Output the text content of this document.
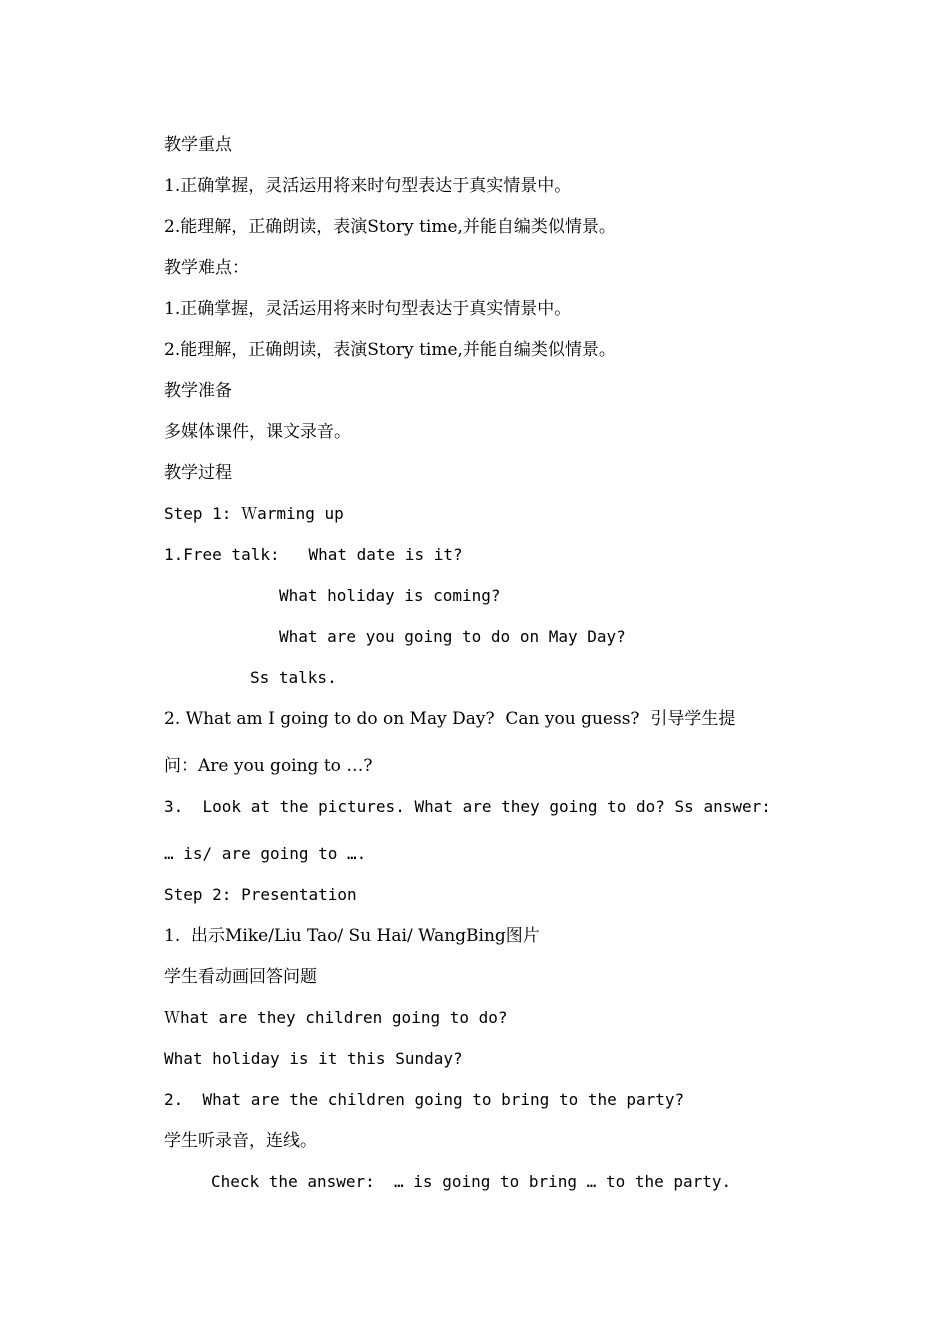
教学重点
1.正确掌握，灵活运用将来时句型表达于真实情景中。
2.能理解，正确朗读，表演Story time,并能自编类似情景。
教学难点：
1.正确掌握，灵活运用将来时句型表达于真实情景中。
2.能理解，正确朗读，表演Story time,并能自编类似情景。
教学准备
多媒体课件，课文录音。
教学过程
Step 1: Ｗarming up
1.Free talk:   What date is it?
What holiday is coming?
What are you going to do on May Day?
Ss talks.
2. What am I going to do on May Day?  Can you guess?  引导学生提
问：Are you going to …?
3.  Look at the pictures. What are they going to do? Ss answer:
… is/ are going to ….
Step 2: Presentation
1.  出示Mike/Liu Tao/ Su Hai/ WangBing图片
学生看动画回答问题
Ｗhat are they children going to do?
What holiday is it this Sunday?
2.  What are the children going to bring to the party?
学生听录音，连线。
Check the answer:  … is going to bring … to the party.
